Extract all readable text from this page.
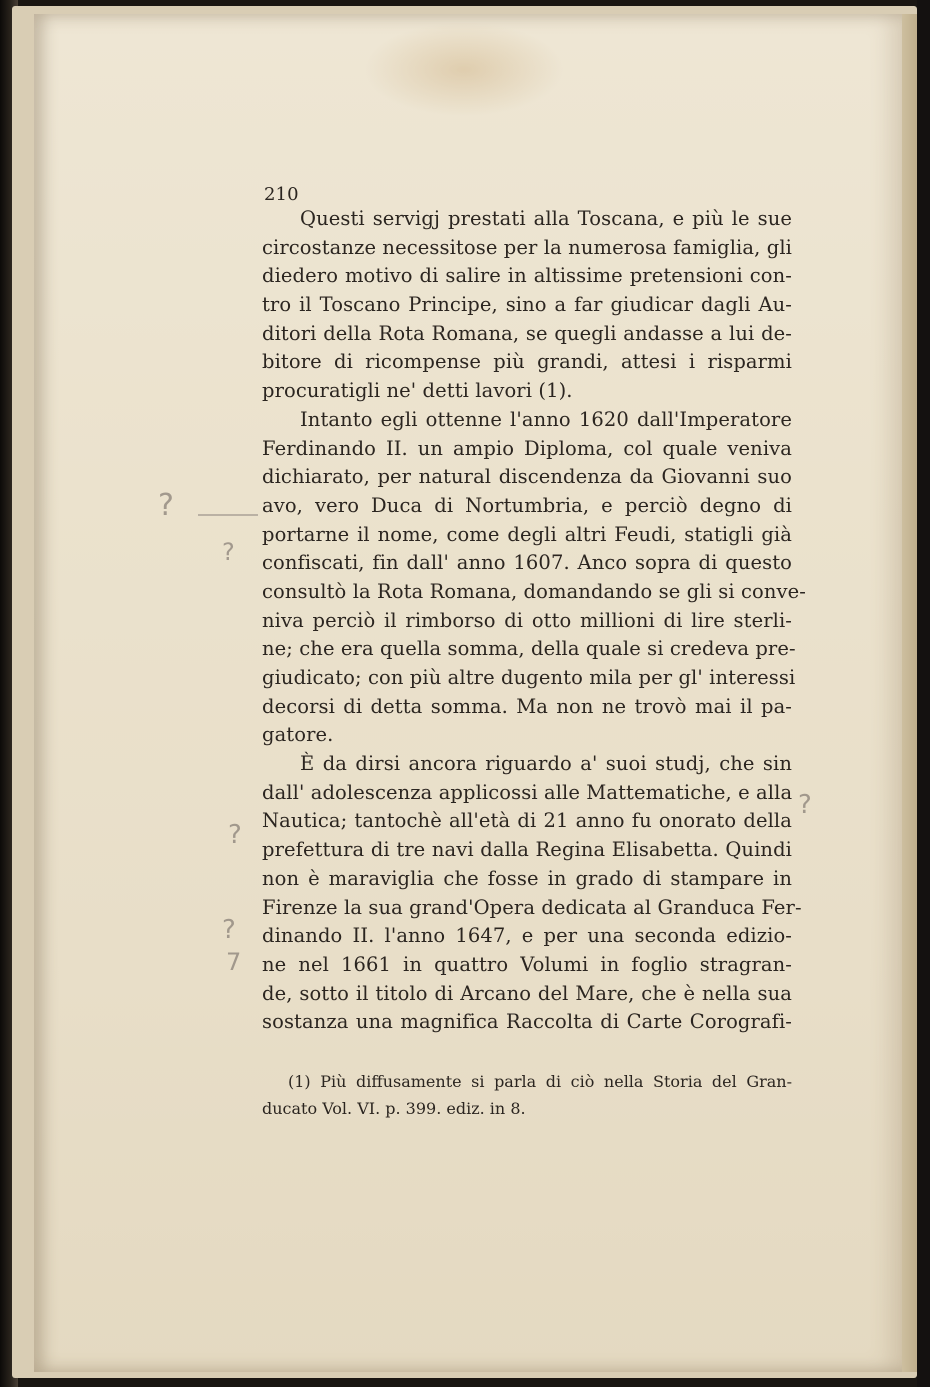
?
?
?
?
?
7
210
Questi servigj prestati alla Toscana, e più le sue
circostanze necessitose per la numerosa famiglia, gli
diedero motivo di salire in altissime pretensioni con-
tro il Toscano Principe, sino a far giudicar dagli Au-
ditori della Rota Romana, se quegli andasse a lui de-
bitore di ricompense più grandi, attesi i risparmi
procuratigli ne' detti lavori (1).
Intanto egli ottenne l'anno 1620 dall'Imperatore
Ferdinando II. un ampio Diploma, col quale veniva
dichiarato, per natural discendenza da Giovanni suo
avo, vero Duca di Nortumbria, e perciò degno di
portarne il nome, come degli altri Feudi, statigli già
confiscati, fin dall' anno 1607. Anco sopra di questo
consultò la Rota Romana, domandando se gli si conve-
niva perciò il rimborso di otto millioni di lire sterli-
ne; che era quella somma, della quale si credeva pre-
giudicato; con più altre dugento mila per gl' interessi
decorsi di detta somma. Ma non ne trovò mai il pa-
gatore.
È da dirsi ancora riguardo a' suoi studj, che sin
dall' adolescenza applicossi alle Mattematiche, e alla
Nautica; tantochè all'età di 21 anno fu onorato della
prefettura di tre navi dalla Regina Elisabetta. Quindi
non è maraviglia che fosse in grado di stampare in
Firenze la sua grand'Opera dedicata al Granduca Fer-
dinando II. l'anno 1647, e per una seconda edizio-
ne nel 1661 in quattro Volumi in foglio stragran-
de, sotto il titolo di Arcano del Mare, che è nella sua
sostanza una magnifica Raccolta di Carte Corografi-
(1) Più diffusamente si parla di ciò nella Storia del Gran-
ducato Vol. VI. p. 399. ediz. in 8.
